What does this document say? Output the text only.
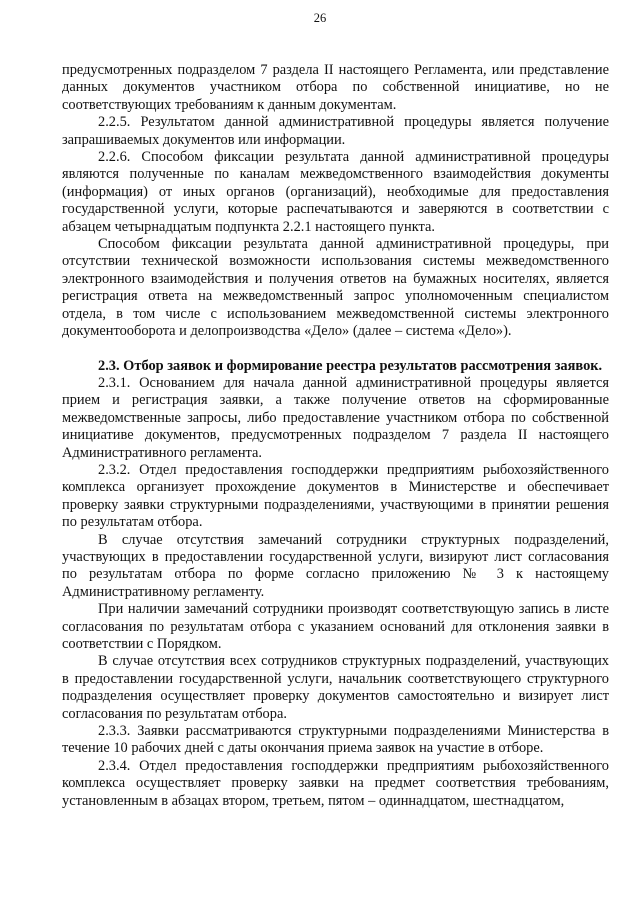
26

предусмотренных подразделом 7 раздела II настоящего Регламента, или представление данных документов участником отбора по собственной инициативе, но не соответствующих требованиям к данным документам.

2.2.5. Результатом данной административной процедуры является получение запрашиваемых документов или информации.

2.2.6. Способом фиксации результата данной административной процедуры являются полученные по каналам межведомственного взаимодействия документы (информация) от иных органов (организаций), необходимые для предоставления государственной услуги, которые распечатываются и заверяются в соответствии с абзацем четырнадцатым подпункта 2.2.1 настоящего пункта.

Способом фиксации результата данной административной процедуры, при отсутствии технической возможности использования системы межведомственного электронного взаимодействия и получения ответов на бумажных носителях, является регистрация ответа на межведомственный запрос уполномоченным специалистом отдела, в том числе с использованием межведомственной системы электронного документооборота и делопроизводства «Дело» (далее – система «Дело»).

2.3. Отбор заявок и формирование реестра результатов рассмотрения заявок.

2.3.1. Основанием для начала данной административной процедуры является прием и регистрация заявки, а также получение ответов на сформированные межведомственные запросы, либо предоставление участником отбора по собственной инициативе документов, предусмотренных подразделом 7 раздела II настоящего Административного регламента.

2.3.2. Отдел предоставления господдержки предприятиям рыбохозяйственного комплекса организует прохождение документов в Министерстве и обеспечивает проверку заявки структурными подразделениями, участвующими в принятии решения по результатам отбора.

В случае отсутствия замечаний сотрудники структурных подразделений, участвующих в предоставлении государственной услуги, визируют лист согласования по результатам отбора по форме согласно приложению № 3 к настоящему Административному регламенту.

При наличии замечаний сотрудники производят соответствующую запись в листе согласования по результатам отбора с указанием оснований для отклонения заявки в соответствии с Порядком.

В случае отсутствия всех сотрудников структурных подразделений, участвующих в предоставлении государственной услуги, начальник соответствующего структурного подразделения осуществляет проверку документов самостоятельно и визирует лист согласования по результатам отбора.

2.3.3. Заявки рассматриваются структурными подразделениями Министерства в течение 10 рабочих дней с даты окончания приема заявок на участие в отборе.

2.3.4. Отдел предоставления господдержки предприятиям рыбохозяйственного комплекса осуществляет проверку заявки на предмет соответствия требованиям, установленным в абзацах втором, третьем, пятом – одиннадцатом, шестнадцатом,
